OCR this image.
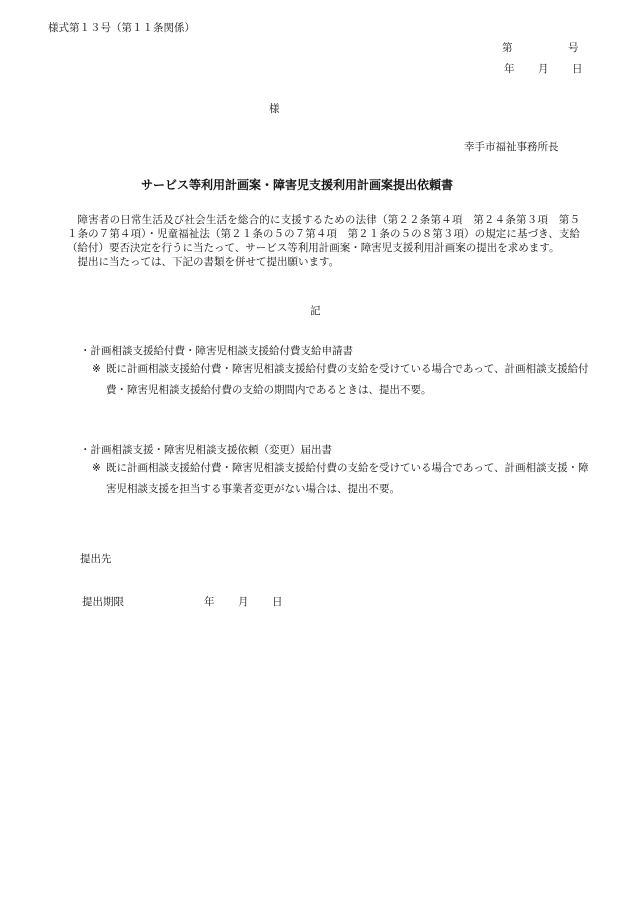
様式第１３号（第１１条関係）
第	号
年 月 日
様
幸手市福祉事務所長
サービス等利用計画案・障害児支援利用計画案提出依頼書

障害者の日常生活及び社会生活を総合的に支援するための法律（第２２条第４項　第２４条第３項　第５１条の７第４項）・児童福祉法（第２１条の５の７第４項　第２１条の５の８第３項）の規定に基づき、支給（給付）要否決定を行うに当たって、サービス等利用計画案・障害児支援利用計画案の提出を求めます。

提出に当たっては、下記の書類を併せて提出願います。

記
・計画相談支援給付費・障害児相談支援給付費支給申請書
※ 既に計画相談支援給付費・障害児相談支援給付費の支給を受けている場合であって、計画相談支援給付費・障害児相談支援給付費の支給の期間内であるときは、提出不要。
・計画相談支援・障害児相談支援依頼（変更）届出書
※ 既に計画相談支援給付費・障害児相談支援給付費の支給を受けている場合であって、計画相談支援・障害児相談支援を担当する事業者変更がない場合は、提出不要。
提出先
提出期限	年 月 日
